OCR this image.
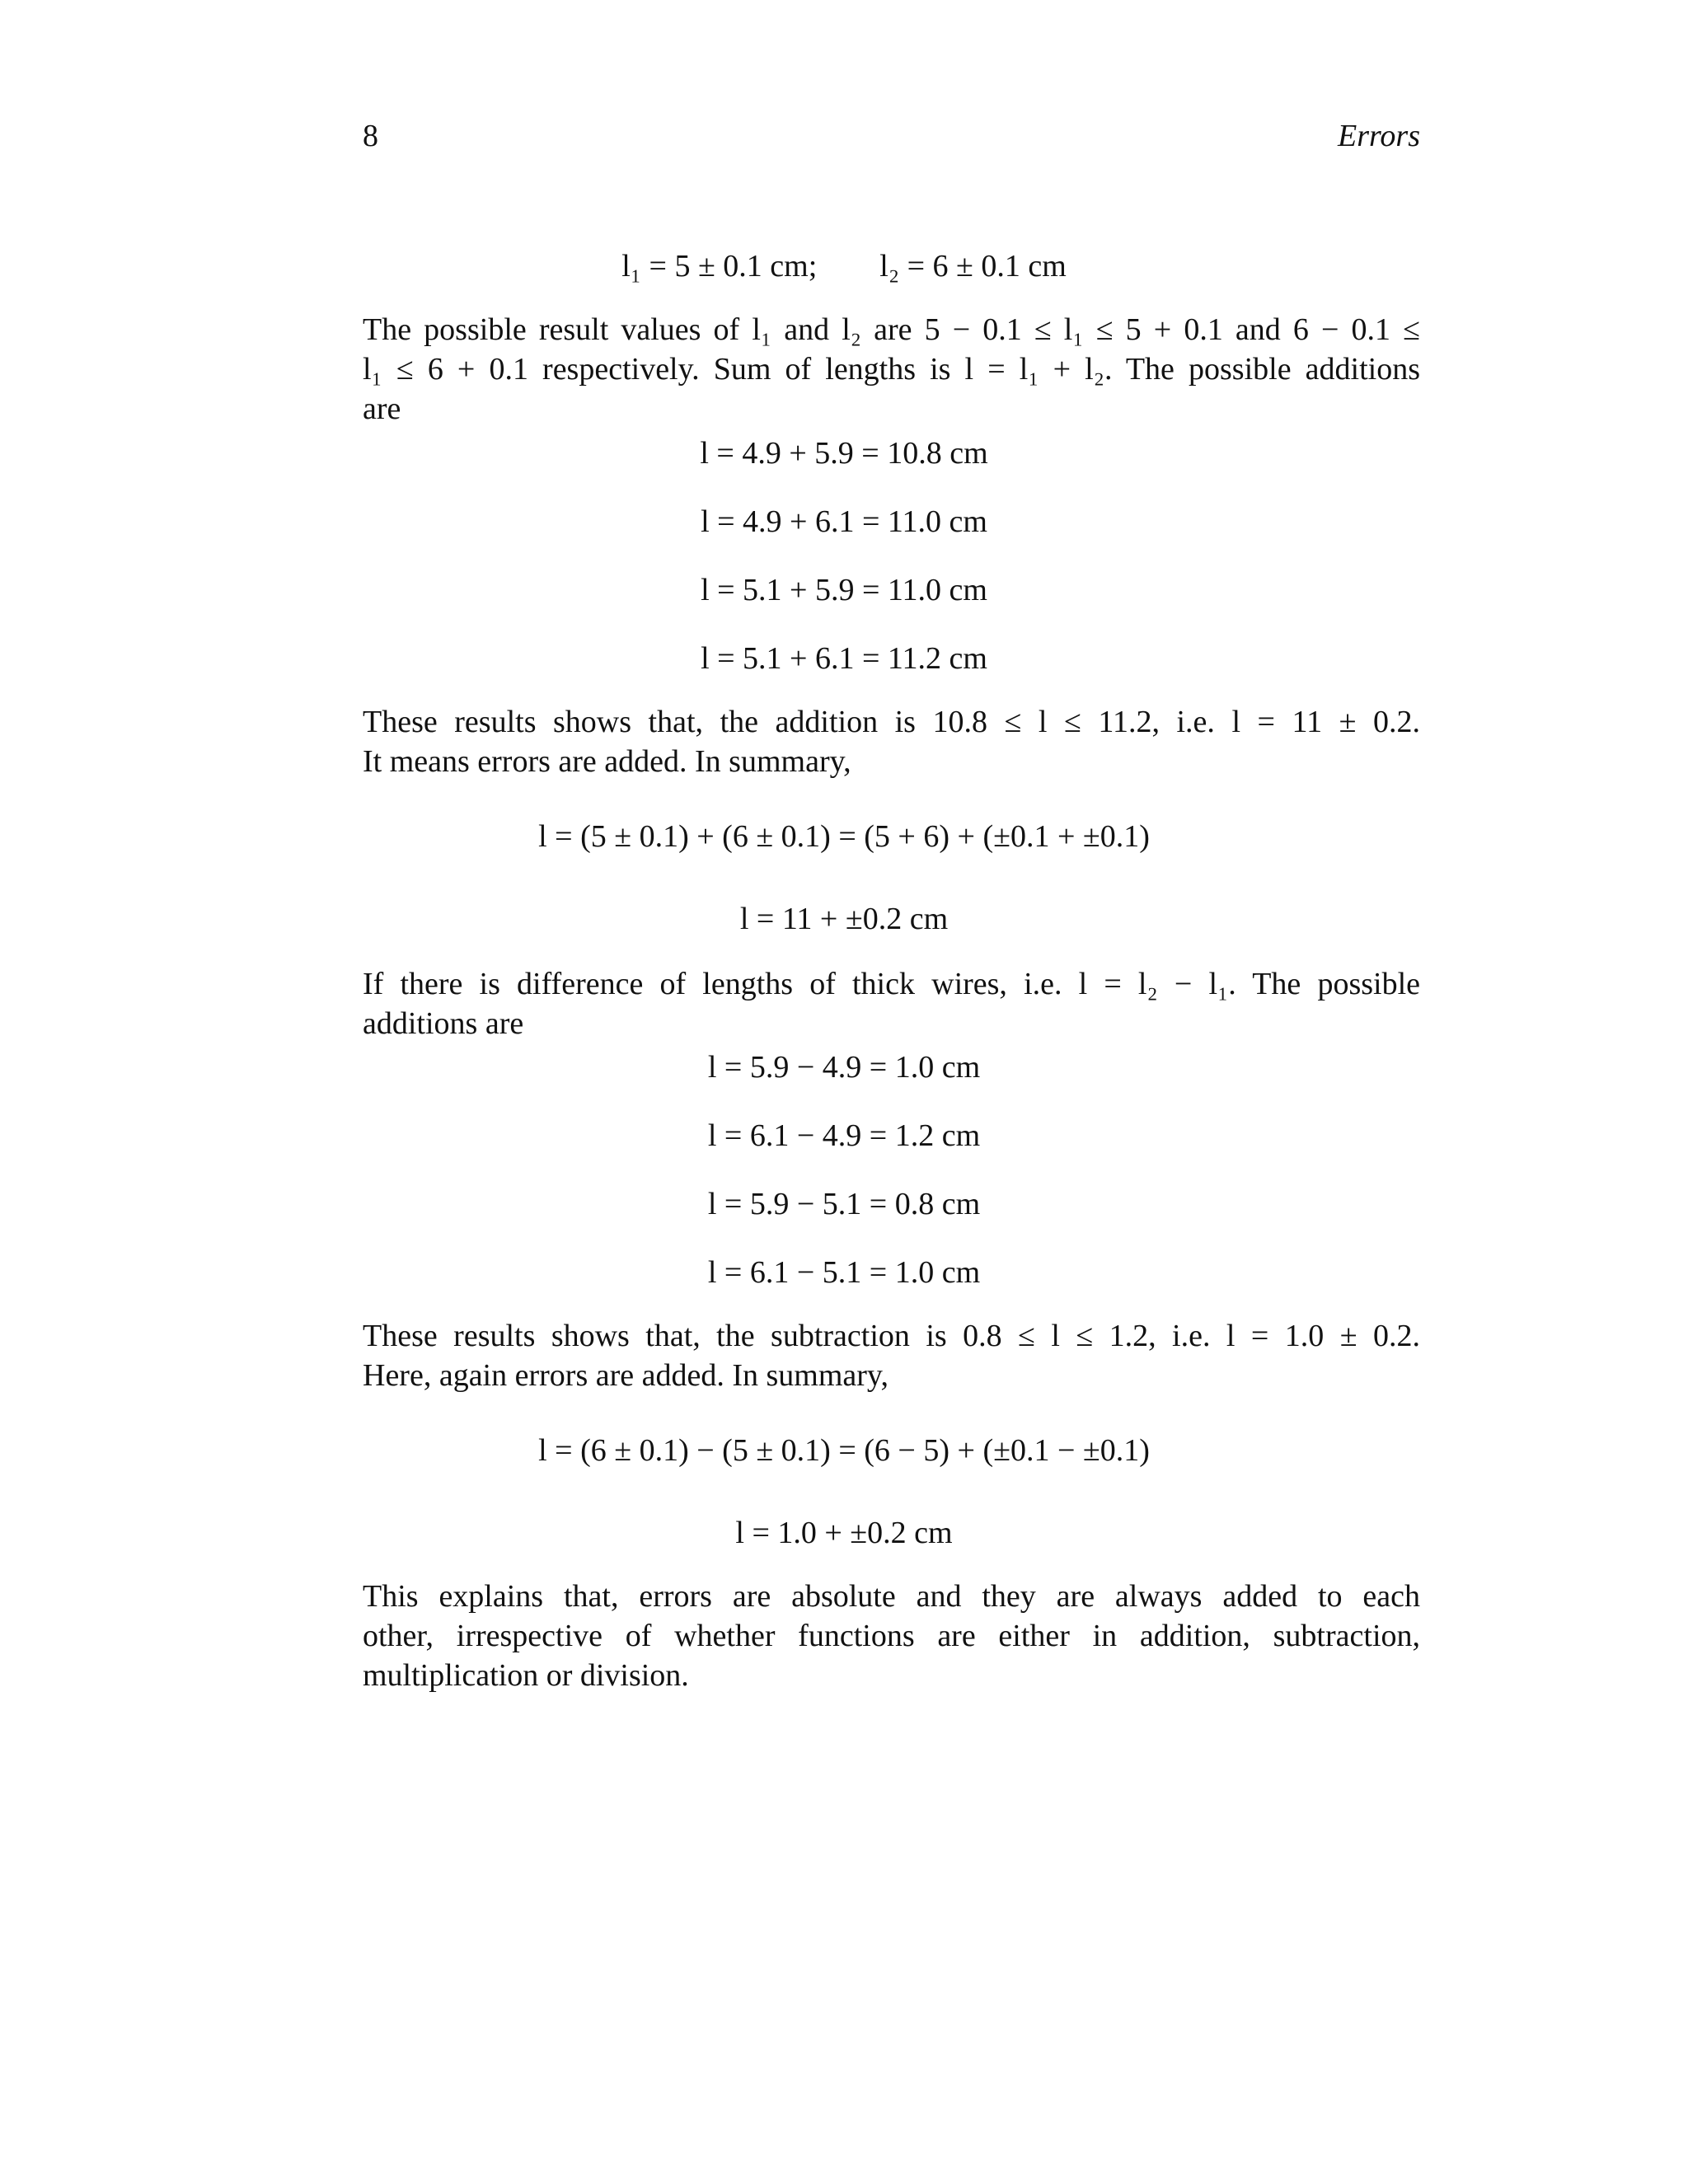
8	Errors
l₁ = 5 ± 0.1 cm;        l₂ = 6 ± 0.1 cm
The possible result values of l₁ and l₂ are 5 − 0.1 ≤ l₁ ≤ 5 + 0.1 and 6 − 0.1 ≤
l₁ ≤ 6 + 0.1 respectively. Sum of lengths is l = l₁ + l₂. The possible additions
are
l = 4.9 + 5.9 = 10.8 cm
l = 4.9 + 6.1 = 11.0 cm
l = 5.1 + 5.9 = 11.0 cm
l = 5.1 + 6.1 = 11.2 cm
These results shows that, the addition is 10.8 ≤ l ≤ 11.2, i.e. l = 11 ± 0.2.
It means errors are added. In summary,
l = (5 ± 0.1) + (6 ± 0.1) = (5 + 6) + (±0.1 + ±0.1)
l = 11 + ±0.2 cm
If there is difference of lengths of thick wires, i.e. l = l₂ − l₁. The possible
additions are
l = 5.9 − 4.9 = 1.0 cm
l = 6.1 − 4.9 = 1.2 cm
l = 5.9 − 5.1 = 0.8 cm
l = 6.1 − 5.1 = 1.0 cm
These results shows that, the subtraction is 0.8 ≤ l ≤ 1.2, i.e. l = 1.0 ± 0.2.
Here, again errors are added. In summary,
l = (6 ± 0.1) − (5 ± 0.1) = (6 − 5) + (±0.1 − ±0.1)
l = 1.0 + ±0.2 cm
This explains that, errors are absolute and they are always added to each
other, irrespective of whether functions are either in addition, subtraction,
multiplication or division.
